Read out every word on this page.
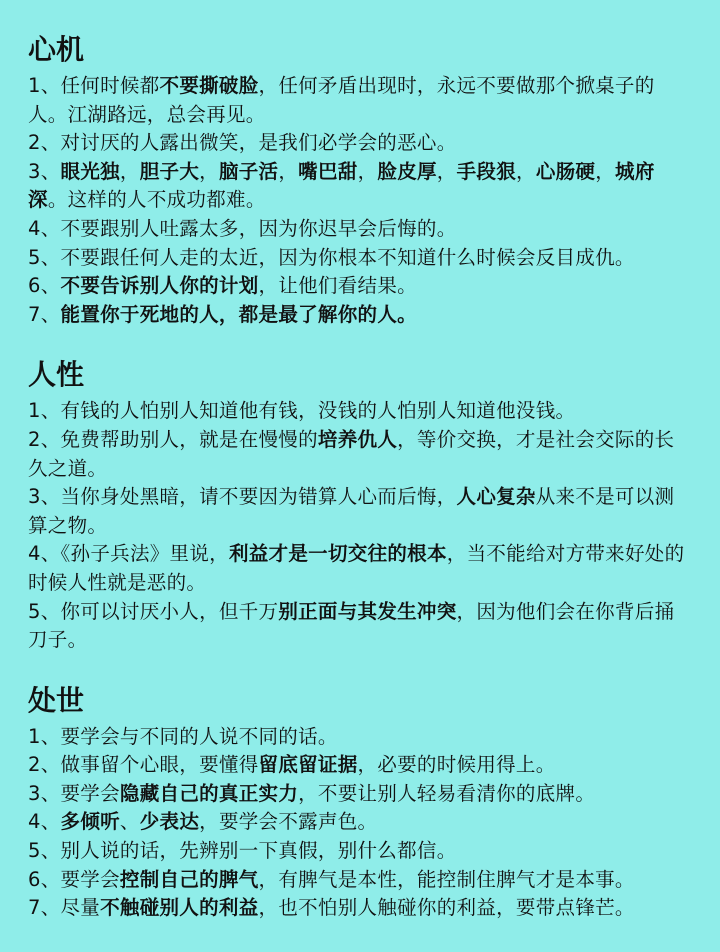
心机

1、任何时候都不要撕破脸，任何矛盾出现时，永远不要做那个掀桌子的人。江湖路远，总会再见。

2、对讨厌的人露出微笑，是我们必学会的恶心。

3、眼光独，胆子大，脑子活，嘴巴甜，脸皮厚，手段狠，心肠硬，城府深。这样的人不成功都难。

4、不要跟别人吐露太多，因为你迟早会后悔的。

5、不要跟任何人走的太近，因为你根本不知道什么时候会反目成仇。

6、不要告诉别人你的计划，让他们看结果。

7、能置你于死地的人，都是最了解你的人。

人性

1、有钱的人怕别人知道他有钱，没钱的人怕别人知道他没钱。

2、免费帮助别人，就是在慢慢的培养仇人，等价交换，才是社会交际的长久之道。

3、当你身处黑暗，请不要因为错算人心而后悔，人心复杂从来不是可以测算之物。

4、《孙子兵法》里说，利益才是一切交往的根本，当不能给对方带来好处的时候人性就是恶的。

5、你可以讨厌小人，但千万别正面与其发生冲突，因为他们会在你背后捅刀子。

处世

1、要学会与不同的人说不同的话。

2、做事留个心眼，要懂得留底留证据，必要的时候用得上。

3、要学会隐藏自己的真正实力，不要让别人轻易看清你的底牌。

4、多倾听、少表达，要学会不露声色。

5、别人说的话，先辨别一下真假，别什么都信。

6、要学会控制自己的脾气，有脾气是本性，能控制住脾气才是本事。

7、尽量不触碰别人的利益，也不怕别人触碰你的利益，要带点锋芒。
